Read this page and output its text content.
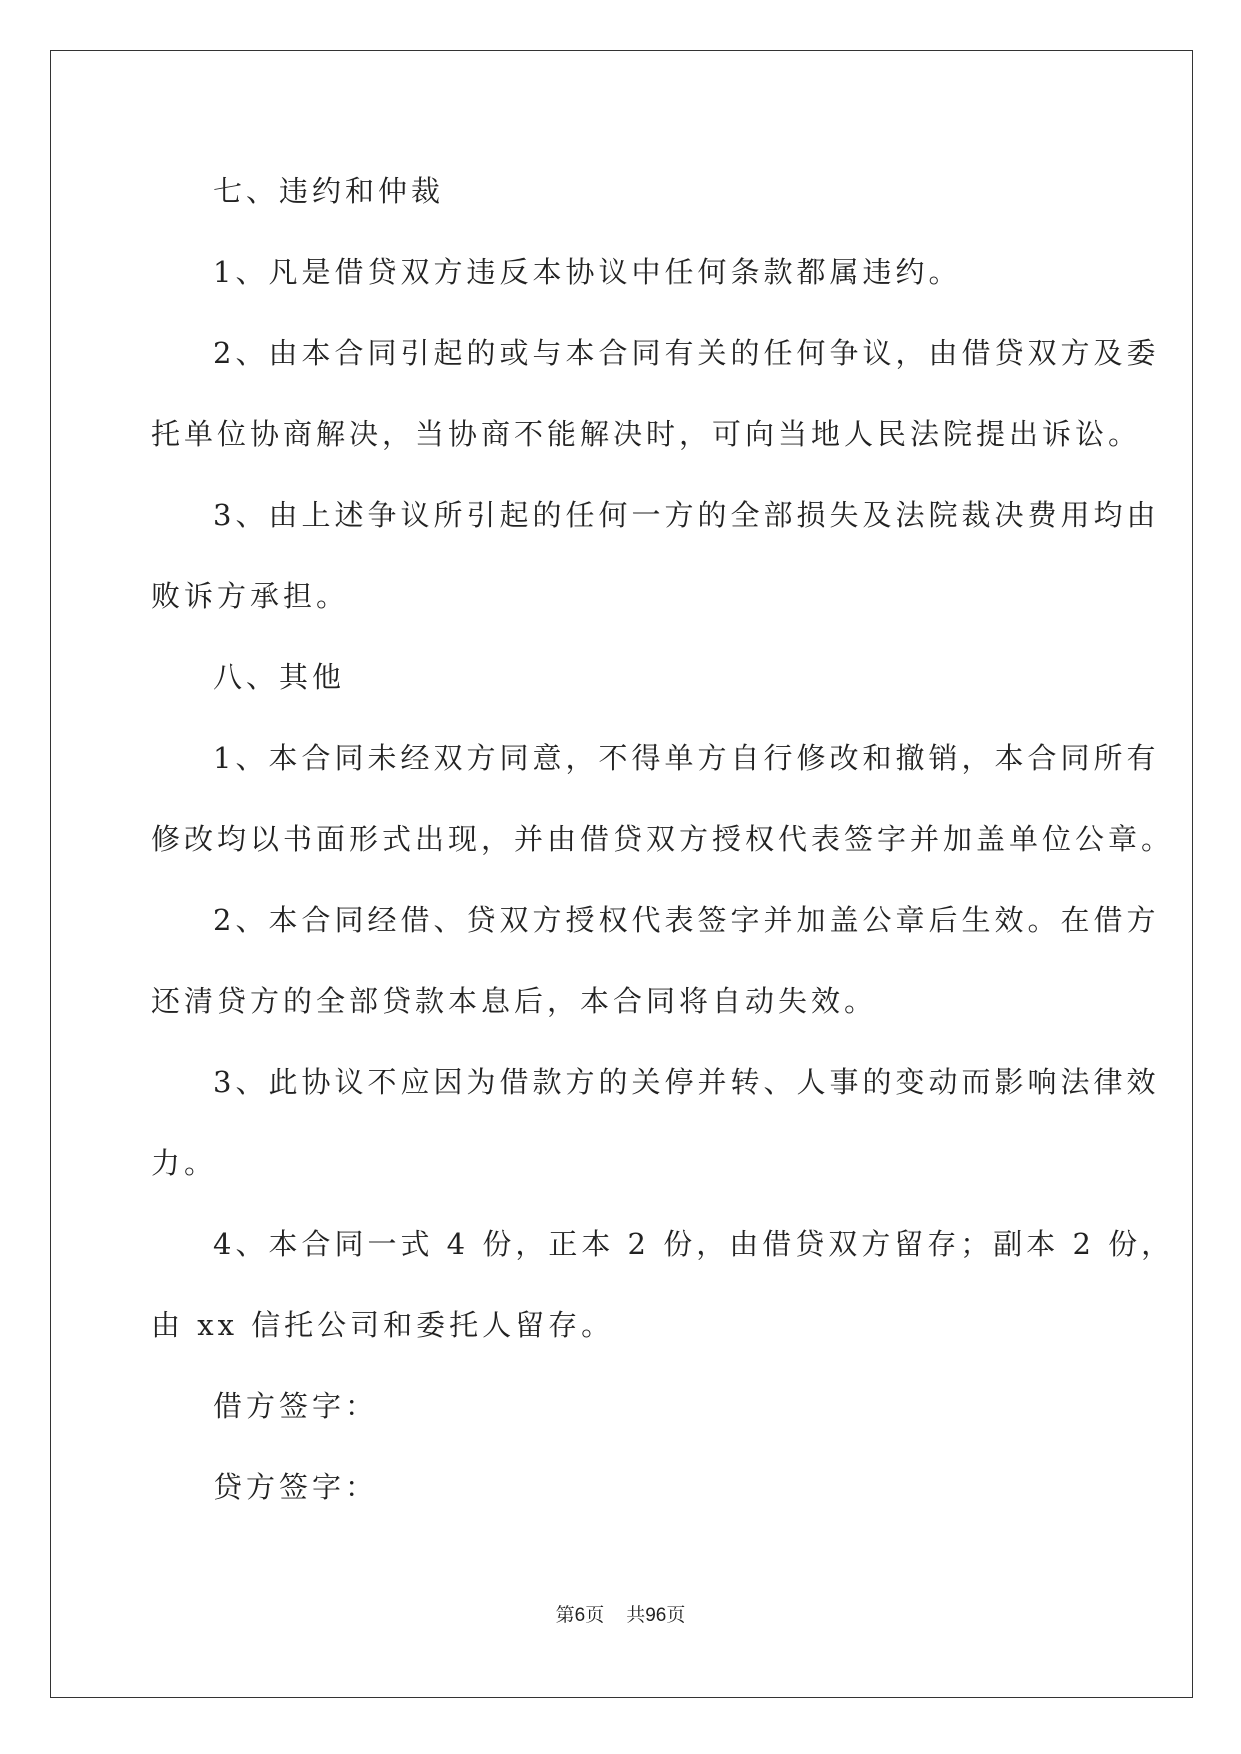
七、违约和仲裁

1、凡是借贷双方违反本协议中任何条款都属违约。

2、由本合同引起的或与本合同有关的任何争议，由借贷双方及委

托单位协商解决，当协商不能解决时，可向当地人民法院提出诉讼。

3、由上述争议所引起的任何一方的全部损失及法院裁决费用均由

败诉方承担。

八、其他

1、本合同未经双方同意，不得单方自行修改和撤销，本合同所有

修改均以书面形式出现，并由借贷双方授权代表签字并加盖单位公章。

2、本合同经借、贷双方授权代表签字并加盖公章后生效。在借方

还清贷方的全部贷款本息后，本合同将自动失效。

3、此协议不应因为借款方的关停并转、人事的变动而影响法律效

力。

4、本合同一式 4 份，正本 2 份，由借贷双方留存；副本 2 份，

由 xx 信托公司和委托人留存。

借方签字：

贷方签字：

第6页 共96页
